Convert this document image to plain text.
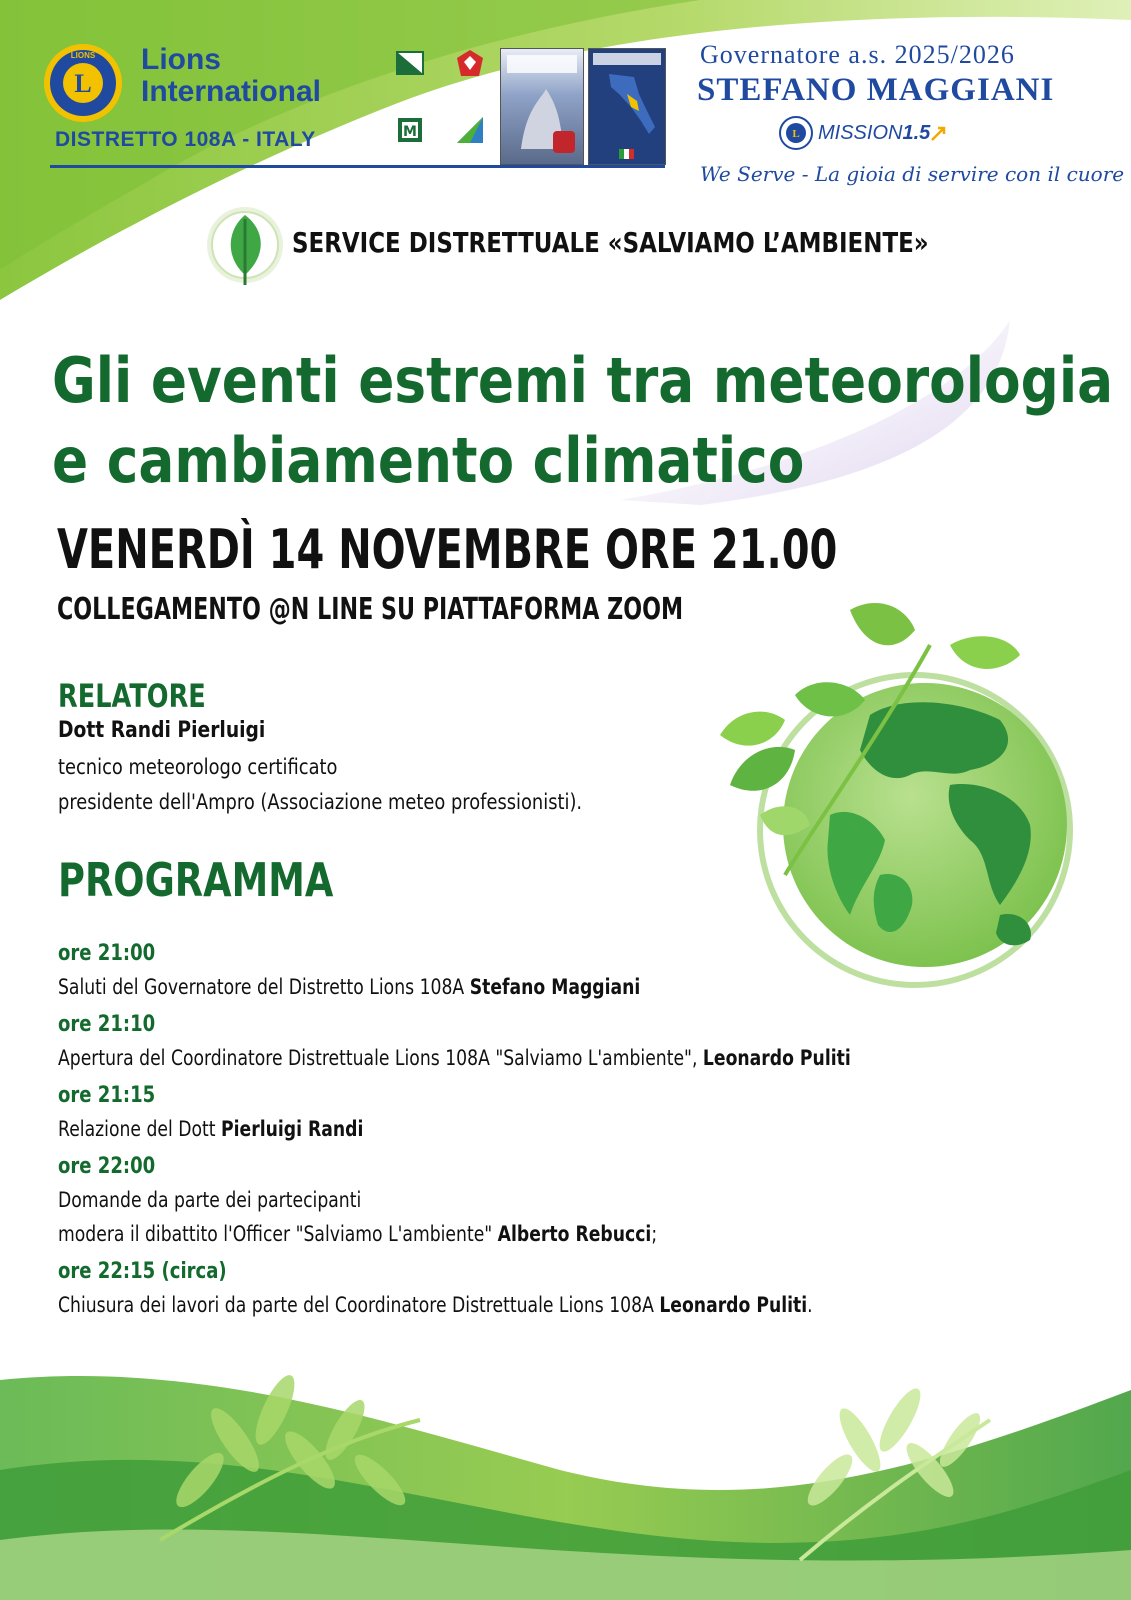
L
LIONS Lions
International
DISTRETTO 108A - ITALY	M
Governatore a.s. 2025/2026
STEFANO MAGGIANI
L MISSION 1.5
We Serve - La gioia di servire con il cuore
SERVICE DISTRETTUALE «SALVIAMO L’AMBIENTE»
Gli eventi estremi tra meteorologia
e cambiamento climatico
VENERDÌ 14 NOVEMBRE ORE 21.00
COLLEGAMENTO @N LINE SU PIATTAFORMA ZOOM
RELATORE
Dott Randi Pierluigi
tecnico meteorologo certificato
presidente dell'Ampro (Associazione meteo professionisti).
PROGRAMMA
ore 21:00
Saluti del Governatore del Distretto Lions 108A Stefano Maggiani
ore 21:10
Apertura del Coordinatore Distrettuale Lions 108A "Salviamo L'ambiente", Leonardo Puliti
ore 21:15
Relazione del Dott Pierluigi Randi
ore 22:00
Domande da parte dei partecipanti
modera il dibattito l'Officer "Salviamo L'ambiente" Alberto Rebucci;
ore 22:15 (circa)
Chiusura dei lavori da parte del Coordinatore Distrettuale Lions 108A Leonardo Puliti.
